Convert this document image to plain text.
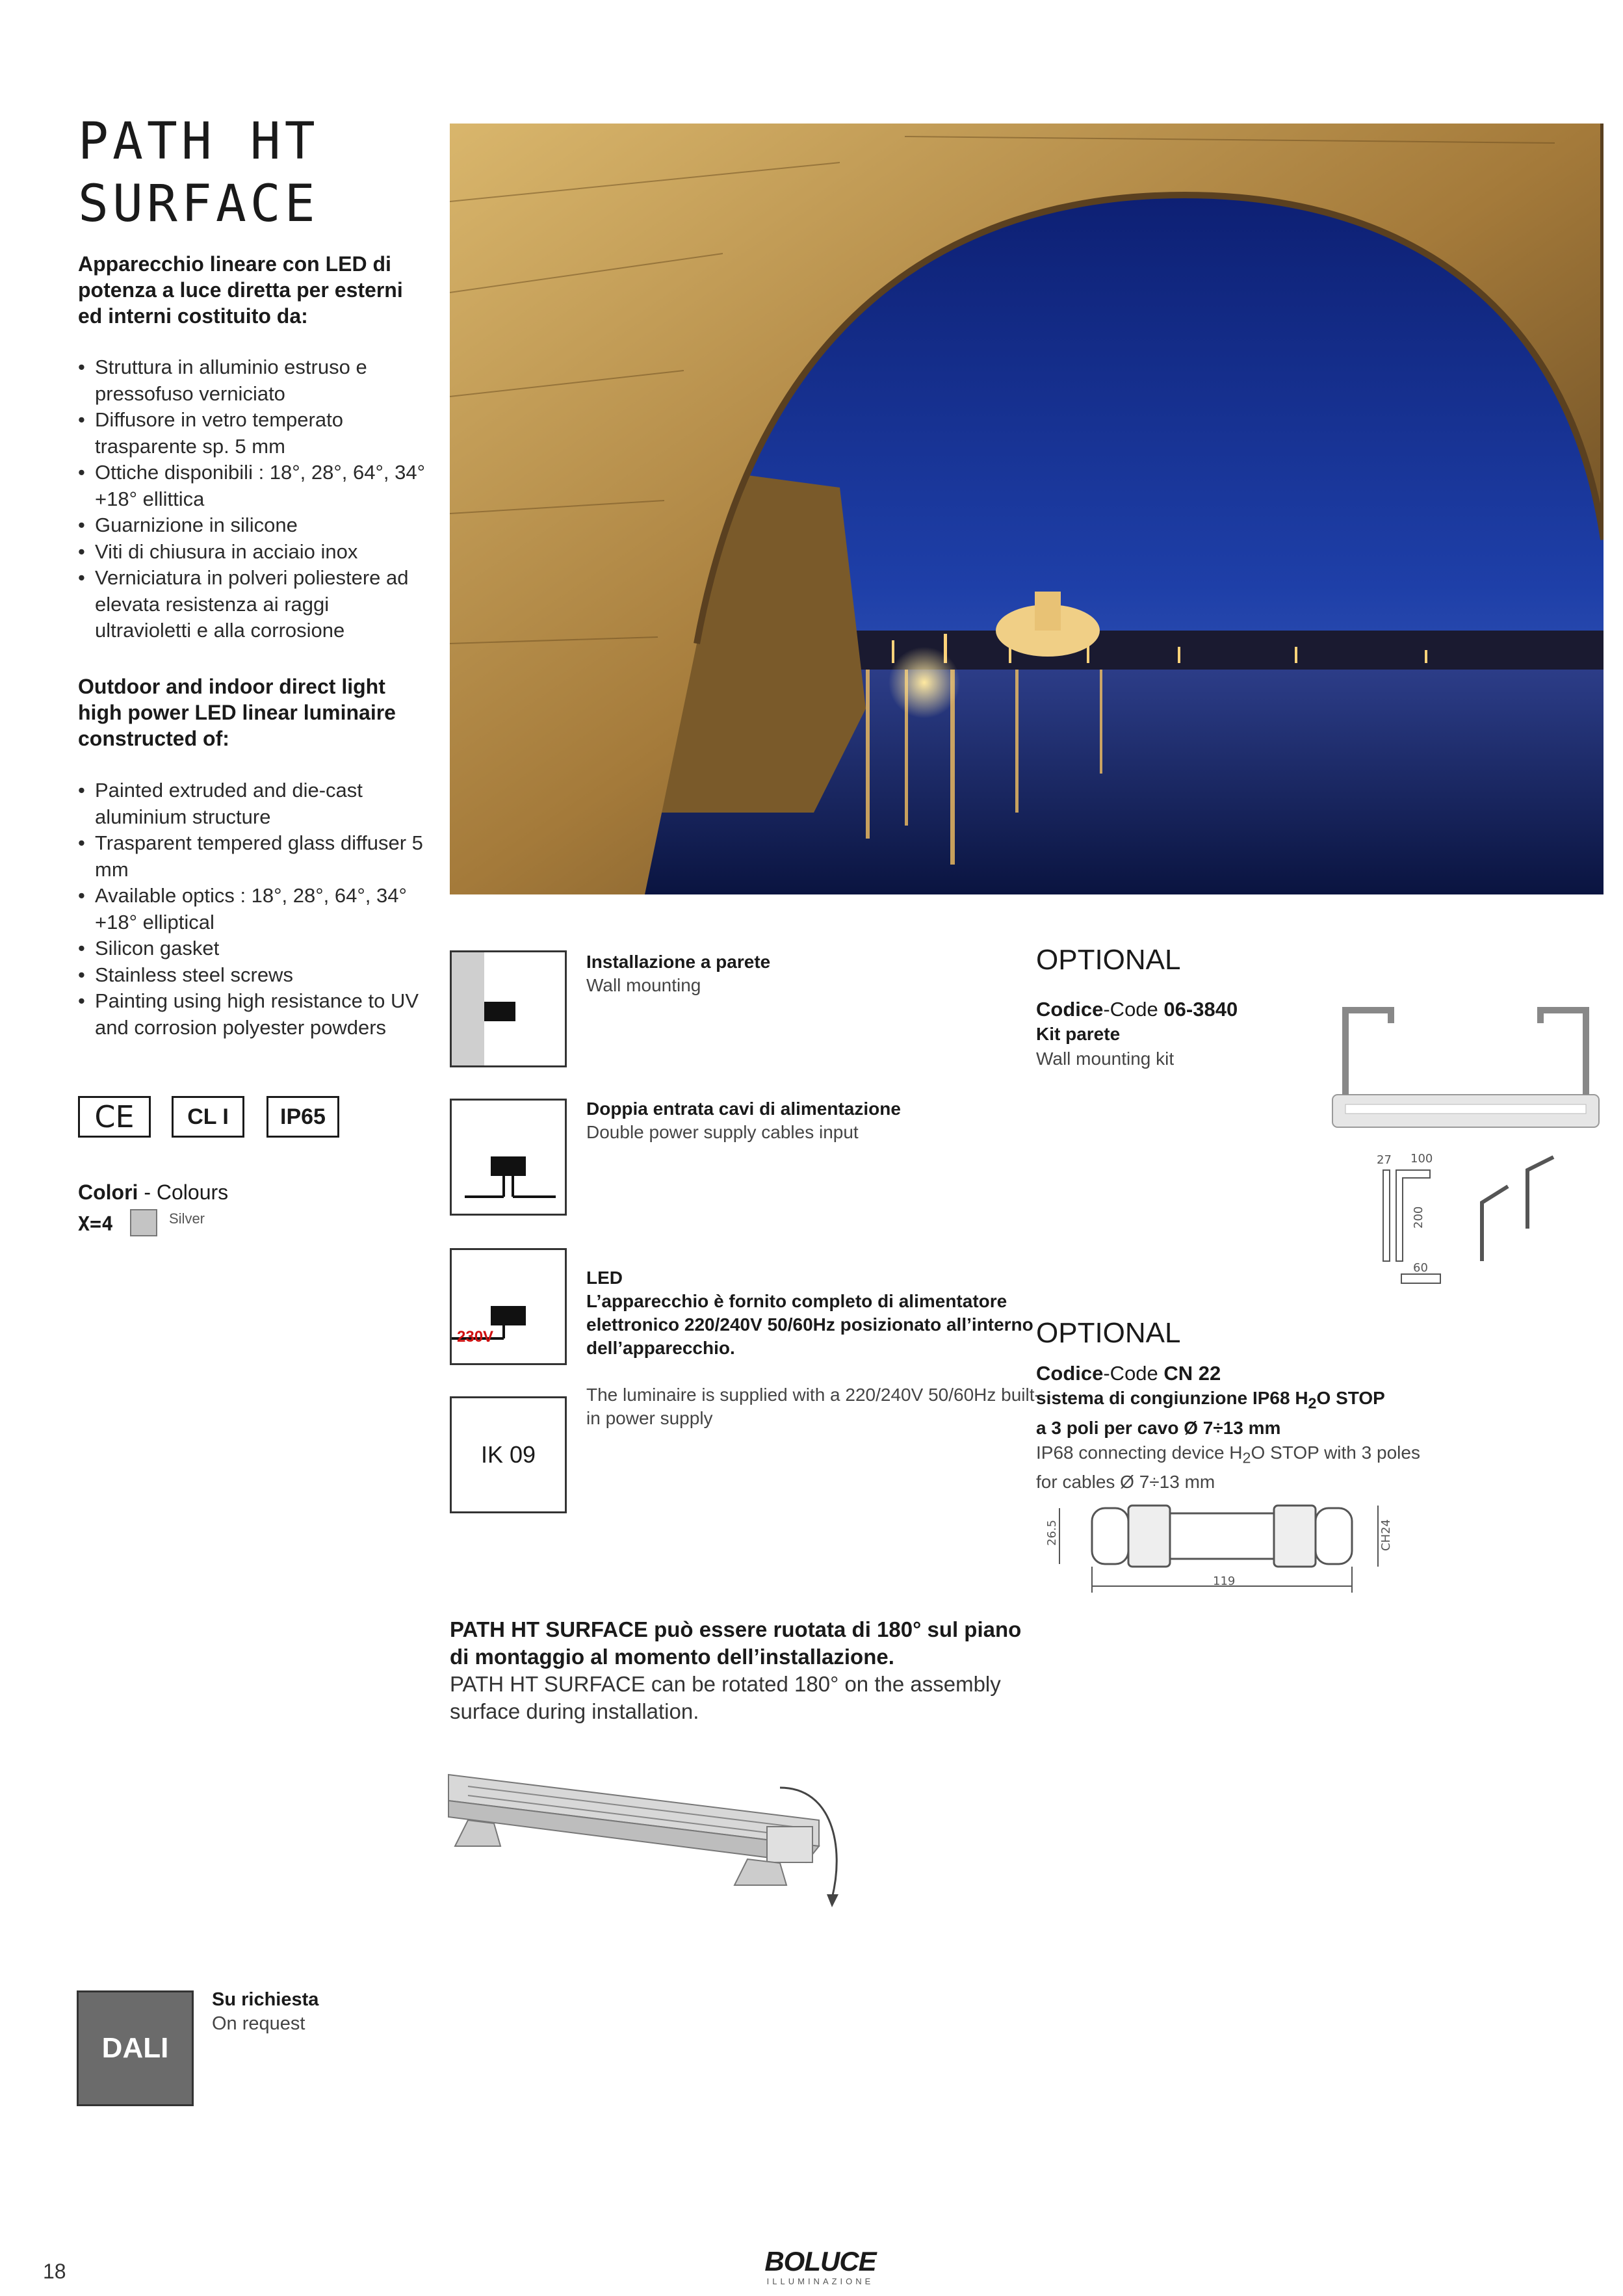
PATH HT
SURFACE
Apparecchio lineare con LED di potenza a luce diretta per esterni ed interni costituito da:
• Struttura in alluminio estruso e pressofuso verniciato
• Diffusore in vetro temperato trasparente sp. 5 mm
• Ottiche disponibili : 18°, 28°, 64°, 34°+18° ellittica
• Guarnizione in silicone
• Viti di chiusura in acciaio inox
• Verniciatura in polveri poliestere ad elevata resistenza ai raggi ultravioletti e alla corrosione
Outdoor and indoor direct light high power LED linear luminaire constructed of:
• Painted extruded and die-cast aluminium structure
• Trasparent tempered glass diffuser 5 mm
• Available optics : 18°, 28°, 64°, 34°+18° elliptical
• Silicon gasket
• Stainless steel screws
• Painting using high resistance to UV and corrosion polyester powders
CE	CL I	IP65
Colori - Colours
X=4	Silver
Installazione a parete
Wall mounting
Doppia entrata cavi di alimentazione
Double power supply cables input
230V

LED
L’apparecchio è fornito completo di alimentatore elettronico 220/240V 50/60Hz posizionato all’interno dell’apparecchio.

The luminaire is supplied with a 220/240V 50/60Hz built-in power supply

IK 09
OPTIONAL
Codice-Code 06-3840
Kit parete
Wall mounting kit
27 100
200
60
OPTIONAL
Codice-Code CN 22
sistema di congiunzione IP68 $H_2O$ STOP
a 3 poli per cavo Ø 7÷13 mm
IP68 connecting device $H_2O$ STOP with 3 poles
for cables Ø 7÷13 mm
26.5	CH24
119
PATH HT SURFACE può essere ruotata di 180° sul piano di montaggio al momento dell’installazione.
PATH HT SURFACE can be rotated 180° on the assembly surface during installation.
DALI
Su richiesta
On request
18	BOLUCE
ILLUMINAZIONE
